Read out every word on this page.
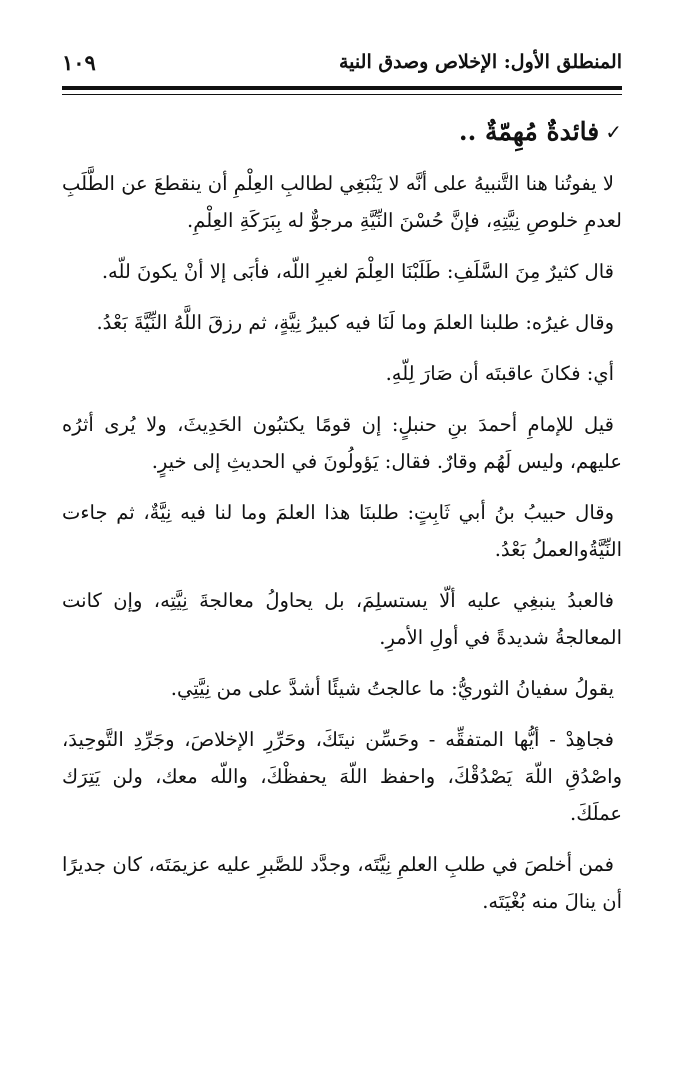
١٠٩	المنطلق الأول: الإخلاص وصدق النية
✓
فائدةٌ مُهِمّةٌ ..

لا يفوتُنا هنا التَّنبيهُ على أنَّه لا يَنْبَغِي لطالبِ العِلْمِ أن ينقطعَ عن الطَّلَبِ لعدمِ خلوصِ نِيَّتِهِ، فإنَّ حُسْنَ النِّيَّةِ مرجوٌّ له بِبَرَكَةِ العِلْمِ.

قال كثيرٌ مِنَ السَّلَفِ: طَلَبْنَا العِلْمَ لغيرِ اللّه، فأبَى إلا أنْ يكونَ للّه.

وقال غيرُه: طلبنا العلمَ وما لَنَا فيه كبيرُ نِيَّةٍ، ثم رزقَ اللَّهُ النِّيَّةَ بَعْدُ.

أي: فكانَ عاقبتَه أن صَارَ لِلّهِ.

قيل للإمامِ أحمدَ بنِ حنبلٍ: إن قومًا يكتبُون الحَدِيثَ، ولا يُرى أثرُه عليهم، وليس لَهُم وقارٌ. فقال: يَؤولُونَ في الحديثِ إلى خيرٍ.

وقال حبيبُ بنُ أبي ثَابِتٍ: طلبنَا هذا العلمَ وما لنا فيه نِيَّةٌ، ثم جاءت النِّيَّةُوالعملُ بَعْدُ.

فالعبدُ ينبغِي عليه ألّا يستسلِمَ، بل يحاولُ معالجةَ نِيَّتِه، وإن كانت المعالجةُ شديدةً في أولِ الأمرِ.

يقولُ سفيانُ الثوريُّ: ما عالجتُ شيئًا أشدَّ على من نِيَّتِي.

فجاهِدْ - أيُّها المتفقِّه - وحَسِّن نيتَكَ، وحَرِّرِ الإخلاصَ، وجَرِّدِ التَّوحِيدَ، واصْدُقِ اللّهَ يَصْدُقْكَ، واحفظ اللّهَ يحفظْكَ، واللّه معك، ولن يَتِرَك عملَكَ.

فمن أخلصَ في طلبِ العلمِ نِيَّتَه، وجدَّد للصَّبرِ عليه عزيمَتَه، كان جديرًا أن ينالَ منه بُغْيَتَه.
